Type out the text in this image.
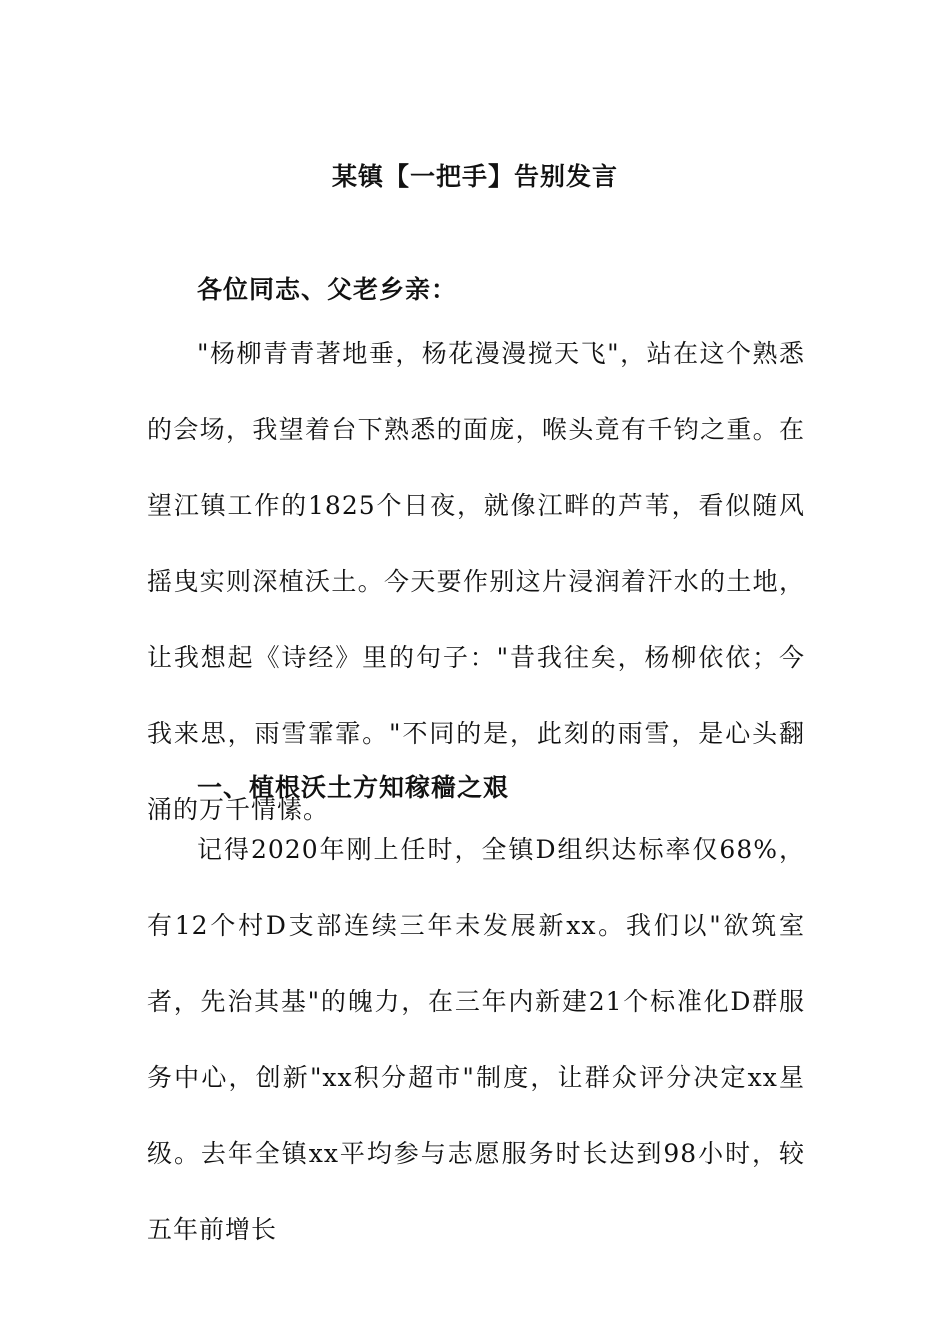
某镇【一把手】告别发言
各位同志、父老乡亲：
"杨柳青青著地垂，杨花漫漫搅天飞"，站在这个熟悉的会场，我望着台下熟悉的面庞，喉头竟有千钧之重。在望江镇工作的1825个日夜，就像江畔的芦苇，看似随风摇曳实则深植沃土。今天要作别这片浸润着汗水的土地，让我想起《诗经》里的句子："昔我往矣，杨柳依依；今我来思，雨雪霏霏。"不同的是，此刻的雨雪，是心头翻涌的万千情愫。
一、植根沃土方知稼穑之艰
记得2020年刚上任时，全镇D组织达标率仅68%，有12个村D支部连续三年未发展新xx。我们以"欲筑室者，先治其基"的魄力，在三年内新建21个标准化D群服务中心，创新"xx积分超市"制度，让群众评分决定xx星级。去年全镇xx平均参与志愿服务时长达到98小时，较五年前增长
